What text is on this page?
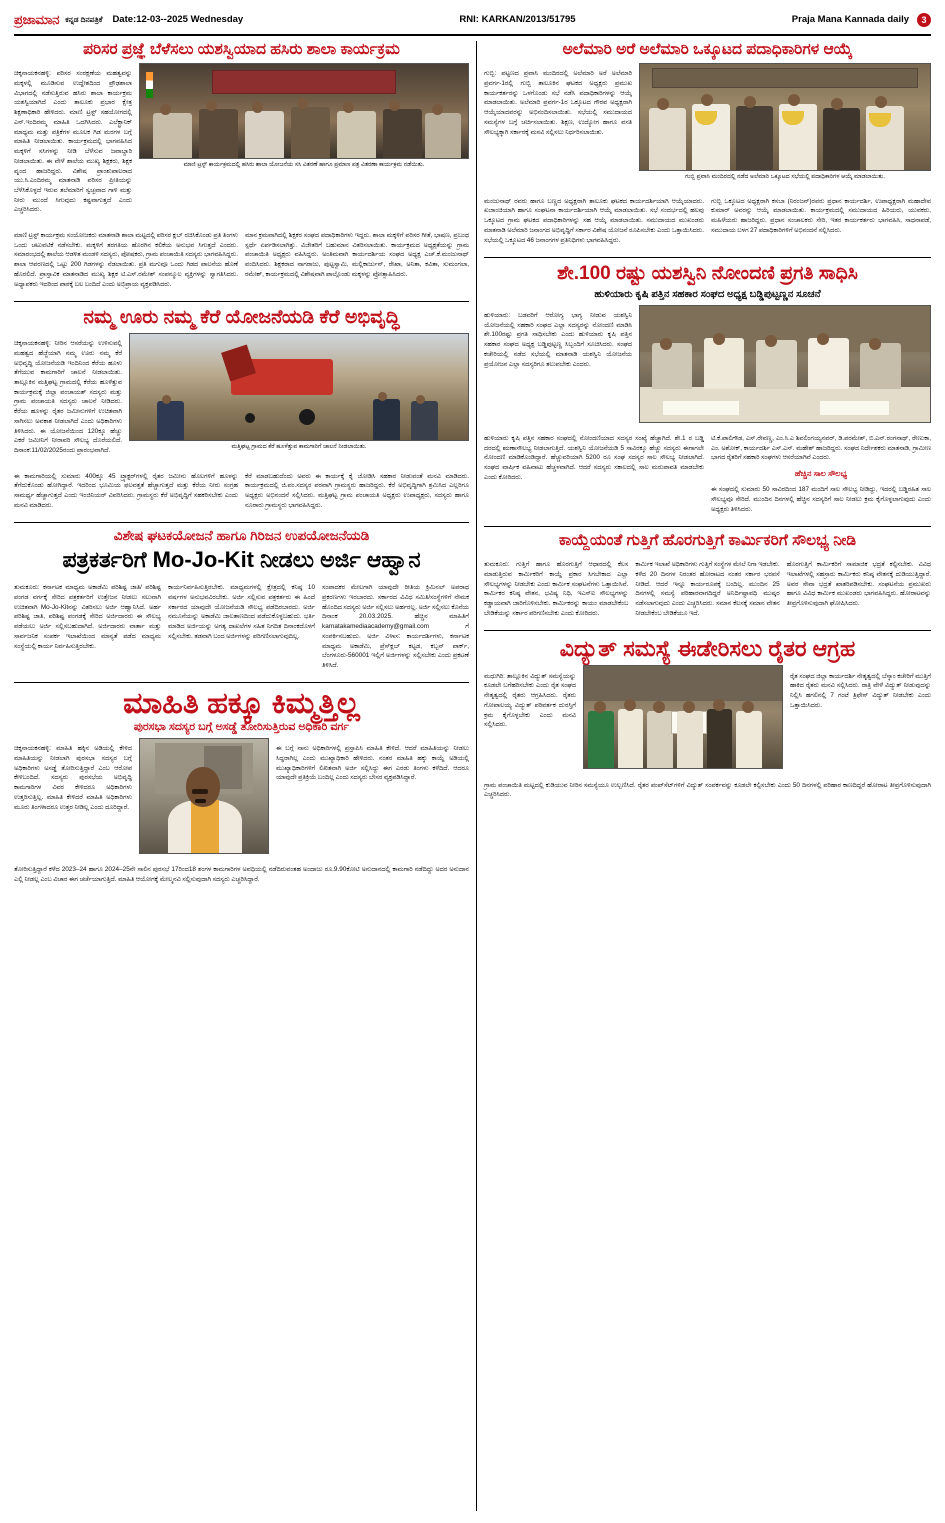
ಪ್ರಜಾಮಾನ ಕನ್ನಡ ದಿನಪತ್ರಿಕೆ Date:12-03--2025 Wednesday	RNI: KARKAN/2013/51795	Praja Mana Kannada daily	3
ಪರಿಸರ ಪ್ರಜ್ಞೆ ಬೆಳೆಸಲು ಯಶಸ್ವಿಯಾದ ಹಸಿರು ಶಾಲಾ ಕಾರ್ಯಕ್ರಮ

ಚಿಕ್ಕನಾಯಕನಹಳ್ಳಿ: ಪರಿಸರ ಸಂರಕ್ಷಣೆಯ ಮಹತ್ವವನ್ನು ಮಕ್ಕಳಲ್ಲಿ ಮೂಡಿಸುವ ಉದ್ದೇಶದಿಂದ ಪ್ರೌಢಶಾಲಾ ವಿಭಾಗದಲ್ಲಿ ನಡೆಸುತ್ತಿರುವ ಹಸಿರು ಶಾಲಾ ಕಾರ್ಯಕ್ರಮ ಯಶಸ್ವಿಯಾಗಿದೆ ಎಂದು ತಾಲೂಕು ಪ್ರಭಾರ ಕ್ಷೇತ್ರ ಶಿಕ್ಷಣಾಧಿಕಾರಿ ಹೇಳಿದರು. ಮಾಣಿ ಟ್ರಸ್ಟ್ ಸಹಯೋಗದಲ್ಲಿ ಎನ್.ಇಂದಿರಮ್ಮ ಮಾಹಿತಿ ಒದಗಿಸಿದರು. ಎಲೆಕ್ಟ್ರಾನಿಕ್ ಮಾಧ್ಯಮ ಮತ್ತು ಪತ್ರಿಕೆಗಳ ಮೂಲಕ ಗಿಡ ಮರಗಳ ಬಗ್ಗೆ ಮಾಹಿತಿ ನೀಡಲಾಯಿತು. ಕಾರ್ಯಕ್ರಮದಲ್ಲಿ ಭಾಗವಹಿಸಿದ ಮಕ್ಕಳಿಗೆ ಸಸಿಗಳನ್ನು ನೀಡಿ ಬೆಳೆಸುವ ಜವಾಬ್ದಾರಿ ನೀಡಲಾಯಿತು. ಈ ವೇಳೆ ಶಾಲೆಯ ಮುಖ್ಯ ಶಿಕ್ಷಕರು, ಶಿಕ್ಷಕ ವೃಂದ ಹಾಜರಿದ್ದರು. ವಿಶೇಷ ಪ್ರಾಂಶುಪಾಲರಾದ ಯು.ಸಿ.ಎಂದಿರಮ್ಮ ಮಾತನಾಡಿ ಪರಿಸರ ಪ್ರೀತಿಯನ್ನು ಬೆಳೆಸಿಕೊಳ್ಳದೆ ಇರುವ ತಲೆಮಾರಿಗೆ ಸ್ವಚ್ಛವಾದ ಗಾಳಿ ಮತ್ತು ನೀರು ಮುಂದೆ ಸಿಗುವುದು ಕಷ್ಟವಾಗುತ್ತದೆ ಎಂದು ಎಚ್ಚರಿಸಿದರು.

ಮಾಣಿ ಟ್ರಸ್ಟ್ ಕಾರ್ಯಕ್ರಮದಲ್ಲಿ ಹಸಿರು ಶಾಲಾ ಯೋಜನೆಯ ಸಸಿ ವಿತರಣೆ ಹಾಗೂ ಪ್ರಮಾಣ ಪತ್ರ ವಿತರಣಾ ಕಾರ್ಯಕ್ರಮ ನಡೆಯಿತು.

ಮಾಣಿ ಟ್ರಸ್ಟ್ ಕಾರ್ಯಕ್ರಮ ಸಂಯೋಜಕರು ಮಾತನಾಡಿ ಶಾಲಾ ಮಟ್ಟದಲ್ಲಿ ಪರಿಸರ ಕ್ಲಬ್ ರಚಿಸಿಕೊಂಡು ಪ್ರತಿ ತಿಂಗಳು ಒಂದು ಚಟುವಟಿಕೆ ನಡೆಸಬೇಕು. ಮಕ್ಕಳಿಗೆ ತರಗತಿಯ ಹೊರಗಿನ ಕಲಿಕೆಯ ಅನುಭವ ಸಿಗುತ್ತದೆ ಎಂದರು. ಸಮಾರಂಭದಲ್ಲಿ ಶಾಲೆಯ ಆಡಳಿತ ಮಂಡಳಿ ಸದಸ್ಯರು, ಪೋಷಕರು, ಗ್ರಾಮ ಪಂಚಾಯಿತಿ ಸದಸ್ಯರು ಭಾಗವಹಿಸಿದ್ದರು. ಶಾಲಾ ಆವರಣದಲ್ಲಿ ಒಟ್ಟು 200 ಗಿಡಗಳನ್ನು ನೆಡಲಾಯಿತು. ಪ್ರತಿ ಮಗುವೂ ಒಂದು ಗಿಡದ ಪಾಲನೆಯ ಹೊಣೆ ಹೊರಲಿದೆ. ಪ್ರಾಸ್ತಾವಿಕ ಮಾತನಾಡಿದ ಮುಖ್ಯ ಶಿಕ್ಷಕ ಟಿ.ಎಸ್.ರಮೇಶ್ ಸಂಪನ್ಮೂಲ ವ್ಯಕ್ತಿಗಳನ್ನು ಸ್ವಾಗತಿಸಿದರು. ಅಧ್ಯಾಪಕರು ಇದರಿಂದ ಪಾಠಕ್ಕೆ ಬಲ ಬಂದಿದೆ ಎಂದು ಅಭಿಪ್ರಾಯ ವ್ಯಕ್ತಪಡಿಸಿದರು.

ಮಾನ ಕ್ರಮವಾಗಿದಲ್ಲಿ ಶಿಕ್ಷಕರ ಸಂಘದ ಪದಾಧಿಕಾರಿಗಳು ಇದ್ದರು. ಶಾಲಾ ಮಕ್ಕಳಿಗೆ ಪರಿಸರ ಗೀತೆ, ಭಾಷಣ, ಪ್ರಬಂಧ ಸ್ಪರ್ಧೆ ಏರ್ಪಡಿಸಲಾಗಿತ್ತು. ವಿಜೇತರಿಗೆ ಬಹುಮಾನ ವಿತರಿಸಲಾಯಿತು. ಕಾರ್ಯಕ್ರಮದ ಅಧ್ಯಕ್ಷತೆಯನ್ನು ಗ್ರಾಮ ಪಂಚಾಯಿತಿ ಅಧ್ಯಕ್ಷರು ವಹಿಸಿದ್ದರು. ಅಂತಿಮವಾಗಿ ಕಾರ್ಯದರ್ಶಿಯ ಸಂಘದ ಅಧ್ಯಕ್ಷ ಎಚ್.ಕೆ.ಮಂಜುನಾಥ್ ವಂದಿಸಿದರು. ಶಿಕ್ಷಕರಾದ ನಾಗರಾಜು, ಪುಟ್ಟಸ್ವಾಮಿ, ಮಲ್ಲಿಕಾರ್ಜುನ್, ರೇಖಾ, ಅನಿತಾ, ಕವಿತಾ, ಸುಮಂಗಲಾ, ರಮೇಶ್, ಕಾರ್ಯಕ್ರಮದಲ್ಲಿ ವಿಶೇಷವಾಗಿ ಪಾಲ್ಗೊಂಡು ಮಕ್ಕಳನ್ನು ಪ್ರೋತ್ಸಾಹಿಸಿದರು.

ನಮ್ಮ ಊರು ನಮ್ಮ ಕೆರೆ ಯೋಜನೆಯಡಿ ಕೆರೆ ಅಭಿವೃದ್ಧಿ

ಚಿಕ್ಕನಾಯಕನಹಳ್ಳಿ: ನೀರಿನ ಆಸರೆಯನ್ನು ಉಳಿಸುವಲ್ಲಿ ಮಹತ್ವದ ಹೆಜ್ಜೆಯಾಗಿ ನಮ್ಮ ಊರು ನಮ್ಮ ಕೆರೆ ಅಭಿವೃದ್ಧಿ ಯೋಜನೆಯಡಿ ಇಂದಿನಿಂದ ಕೆರೆಯ ಹೂಳು ತೆಗೆಯುವ ಕಾಮಗಾರಿಗೆ ಚಾಲನೆ ನೀಡಲಾಯಿತು. ತಾಲ್ಲೂಕಿನ ಮತ್ತಿಘಟ್ಟ ಗ್ರಾಮದಲ್ಲಿ ಕೆರೆಯ ಹೂಳೆತ್ತುವ ಕಾರ್ಯಕ್ರಮಕ್ಕೆ ಜಿಲ್ಲಾ ಪಂಚಾಯತ್ ಸದಸ್ಯರು ಮತ್ತು ಗ್ರಾಮ ಪಂಚಾಯತಿ ಸದಸ್ಯರು ಚಾಲನೆ ನೀಡಿದರು. ಕೆರೆಯ ಹೂಳನ್ನು ರೈತರ ಜಮೀನುಗಳಿಗೆ ಉಚಿತವಾಗಿ ಸಾಗಿಸಲು ಅವಕಾಶ ನೀಡಲಾಗಿದೆ ಎಂದು ಅಧಿಕಾರಿಗಳು ತಿಳಿಸಿದರು. ಈ ಯೋಜನೆಯಿಂದ 120ಕ್ಕೂ ಹೆಚ್ಚು ಎಕರೆ ಜಮೀನಿಗೆ ನೀರಾವರಿ ಸೌಲಭ್ಯ ದೊರೆಯಲಿದೆ. ದಿನಾಂಕ:11/02/2025ರಂದು ಪ್ರಾರಂಭವಾಗಿದೆ.

ಮತ್ತಿಘಟ್ಟ ಗ್ರಾಮದ ಕೆರೆ ಹೂಳೆತ್ತುವ ಕಾಮಗಾರಿಗೆ ಚಾಲನೆ ನೀಡಲಾಯಿತು.

ಈ ಕಾಮಗಾರಿಯಲ್ಲಿ ಸುಮಾರು 400ಕ್ಕೂ 45 ಟ್ರ್ಯಾಕ್ಟರ್‌ಗಳಲ್ಲಿ ರೈತರ ಜಮೀನು ಹೊಲಗಳಿಗೆ ಹೂಳನ್ನು ತೆಗೆದುಕೊಂಡು ಹೋಗಿದ್ದಾರೆ. ಇದರಿಂದ ಭೂಮಿಯ ಫಲವತ್ತತೆ ಹೆಚ್ಚಾಗುತ್ತದೆ ಮತ್ತು ಕೆರೆಯ ನೀರು ಸಂಗ್ರಹ ಸಾಮರ್ಥ್ಯ ಹೆಚ್ಚಾಗುತ್ತದೆ ಎಂದು ಇಂಜಿನಿಯರ್ ವಿವರಿಸಿದರು. ಗ್ರಾಮಸ್ಥರು ಕೆರೆ ಅಭಿವೃದ್ಧಿಗೆ ಸಹಕರಿಸಬೇಕು ಎಂದು ಮನವಿ ಮಾಡಿದರು.

ಕೆರೆ ಮಾಡಬಹುದೆಂದು ಅವರು ಈ ಕಾರ್ಯಕ್ಕೆ ಕೈ ಜೋಡಿಸಿ ಸಹಕಾರ ನೀಡುವಂತೆ ಮನವಿ ಮಾಡಿದರು. ಕಾರ್ಯಕ್ರಮದಲ್ಲಿ ಜಿ.ಪಂ.ಸದಸ್ಯರ ಪರವಾಗಿ ಗ್ರಾಮಸ್ಥರು ಹಾಜರಿದ್ದರು. ಕೆರೆ ಅಭಿವೃದ್ಧಿಗಾಗಿ ಶ್ರಮಿಸಿದ ಎಲ್ಲರಿಗೂ ಅಧ್ಯಕ್ಷರು ಅಭಿನಂದನೆ ಸಲ್ಲಿಸಿದರು. ಮತ್ತಿಘಟ್ಟ ಗ್ರಾಮ ಪಂಚಾಯತಿ ಅಧ್ಯಕ್ಷರು ಉಪಾಧ್ಯಕ್ಷರು, ಸದಸ್ಯರು ಹಾಗೂ ನೂರಾರು ಗ್ರಾಮಸ್ಥರು ಭಾಗವಹಿಸಿದ್ದರು.

ವಿಶೇಷ ಘಟಕಯೋಜನೆ ಹಾಗೂ ಗಿರಿಜನ ಉಪಯೋಜನೆಯಡಿ
ಪತ್ರಕರ್ತರಿಗೆ Mo-Jo-Kit ನೀಡಲು ಅರ್ಜಿ ಆಹ್ವಾನ

ತುಮಕೂರು: ಕರ್ನಾಟಕ ಮಾಧ್ಯಮ ಅಕಾಡೆಮಿ ಪರಿಶಿಷ್ಟ ಜಾತಿ/ ಪರಿಶಿಷ್ಟ ಪಂಗಡ ವರ್ಗಕ್ಕೆ ಸೇರಿದ ಪತ್ರಕರ್ತರಿಗೆ ಉತ್ತೇಜನ ನೀಡಲು ಸಲುವಾಗಿ ಉಚಿತವಾಗಿ Mo-Jo-Kitನನ್ನು ವಿತರಿಸಲು ಅರ್ಜಿ ಆಹ್ವಾನಿಸಿದೆ. ಅರ್ಹ ಪರಿಶಿಷ್ಟ ಜಾತಿ, ಪರಿಶಿಷ್ಟ ಪಂಗಡಕ್ಕೆ ಸೇರಿದ ಅರ್ಜಿದಾರರು ಈ ಸೌಲಭ್ಯ ಪಡೆಯಲು ಅರ್ಜಿ ಸಲ್ಲಿಸಬಹುದಾಗಿದೆ. ಅರ್ಜಿದಾರರು ವಾರ್ತಾ ಮತ್ತು ಸಾರ್ವಜನಿಕ ಸಂಪರ್ಕ ಇಲಾಖೆಯಿಂದ ಮಾನ್ಯತೆ ಪಡೆದ ಮಾಧ್ಯಮ ಸಂಸ್ಥೆಯಲ್ಲಿ ಕಾರ್ಯ ನಿರ್ವಹಿಸುತ್ತಿರಬೇಕು.

ಕಾರ್ಯನಿರ್ವಹಿಸುತ್ತಿರಬೇಕು. ಮಾಧ್ಯಮಗಳಲ್ಲಿ ಕ್ಷೇತ್ರದಲ್ಲಿ ಕನಿಷ್ಠ 10 ವರ್ಷಗಳ ಅನುಭವವಿರಬೇಕು. ಅರ್ಜಿ ಸಲ್ಲಿಸುವ ಪತ್ರಕರ್ತರು ಈ ಹಿಂದೆ ಸರ್ಕಾರದ ಯಾವುದೇ ಯೋಜನೆಯಡಿ ಸೌಲಭ್ಯ ಪಡೆದಿರಬಾರದು. ಅರ್ಜಿ ನಮೂನೆಯನ್ನು ಅಕಾಡೆಮಿ ಜಾಲತಾಣದಿಂದ ಪಡೆದುಕೊಳ್ಳಬಹುದು. ಭರ್ತಿ ಮಾಡಿದ ಅರ್ಜಿಯನ್ನು ಅಗತ್ಯ ದಾಖಲೆಗಳ ಸಹಿತ ನಿಗದಿತ ದಿನಾಂಕದೊಳಗೆ ಸಲ್ಲಿಸಬೇಕು. ತಡವಾಗಿ ಬಂದ ಅರ್ಜಿಗಳನ್ನು ಪರಿಗಣಿಸಲಾಗುವುದಿಲ್ಲ.

ಸಂಪಾದಕರ ಮೇಲಗಾಗಿ ಯಾವುದೇ ರೀತಿಯ ಕ್ರಿಮಿನಲ್ ಅಪರಾಧ ಪ್ರಕರಣಗಳು ಇರಬಾರದು. ಸರ್ಕಾರದ ವಿವಿಧ ಸಮಿತಿ/ಸಂಸ್ಥೆಗಳಿಗೆ ನೇಮಕ ಹೊಂದಿದ ಸದಸ್ಯರು ಅರ್ಜಿ ಸಲ್ಲಿಸಲು ಅರ್ಹರಲ್ಲ. ಅರ್ಜಿ ಸಲ್ಲಿಸಲು ಕೊನೆಯ ದಿನಾಂಕ 20.03.2025. ಹೆಚ್ಚಿನ ಮಾಹಿತಿಗೆ karnatakamediaacademy@gmail.com ಗೆ ಸಂಪರ್ಕಿಸಬಹುದು. ಅರ್ಜಿ ವಿಳಾಸ: ಕಾರ್ಯದರ್ಶಿಗಳು, ಕರ್ನಾಟಕ ಮಾಧ್ಯಮ ಅಕಾಡೆಮಿ, ಪ್ರೆಸ್‌ಕ್ಲಬ್ ಕಟ್ಟಡ, ಕಬ್ಬನ್ ಪಾರ್ಕ್, ಬೆಂಗಳೂರು-560001 ಇಲ್ಲಿಗೆ ಅರ್ಜಿಗಳನ್ನು ಸಲ್ಲಿಸಬೇಕು ಎಂದು ಪ್ರಕಟಣೆ ತಿಳಿಸಿದೆ.

ಮಾಹಿತಿ ಹಕ್ಕೂ ಕಿಮ್ಮತ್ತಿಲ್ಲ
ಪುರಸಭಾ ಸದಸ್ಯರ ಬಗ್ಗೆ ಅಸಡ್ಡೆ ತೋರಿಸುತ್ತಿರುವ ಅಧಿಕಾರಿ ವರ್ಗ

ಚಿಕ್ಕನಾಯಕನಹಳ್ಳಿ: ಮಾಹಿತಿ ಹಕ್ಕಿನ ಅಡಿಯಲ್ಲಿ ಕೇಳಿದ ಮಾಹಿತಿಯನ್ನು ನೀಡಲಾಗಿ ಪುರಸಭಾ ಸದಸ್ಯರ ಬಗ್ಗೆ ಅಧಿಕಾರಿಗಳು ಅಸಡ್ಡೆ ತೋರಿಸುತ್ತಿದ್ದಾರೆ ಎಂಬ ಆರೋಪ ಕೇಳಿಬಂದಿದೆ. ಸದಸ್ಯರು ಪುರಸಭೆಯ ಅಭಿವೃದ್ಧಿ ಕಾಮಗಾರಿಗಳ ವಿವರ ಕೇಳಿದರೂ ಅಧಿಕಾರಿಗಳು ಉತ್ತರಿಸುತ್ತಿಲ್ಲ. ಮಾಹಿತಿ ಕೇಳಿದರೆ ಮಾಹಿತಿ ಅಧಿಕಾರಿಗಳು ಮೂರು ತಿಂಗಳಾದರೂ ಉತ್ತರ ನೀಡಿಲ್ಲ ಎಂದು ದೂರಿದ್ದಾರೆ.

ಈ ಬಗ್ಗೆ ನಾನು ಅಧಿಕಾರಿಗಳಲ್ಲಿ ಪ್ರಸ್ತಾಪಿಸಿ ಮಾಹಿತಿ ಕೇಳಿದೆ. ಆದರೆ ಮಾಹಿತಿಯನ್ನು ನೀಡಲು ಸಿದ್ಧರಾಗಿಲ್ಲ ಎಂದು ಮುಖ್ಯಾಧಿಕಾರಿ ಹೇಳಿದರು. ನಂತರ ಮಾಹಿತಿ ಹಕ್ಕು ಕಾಯ್ದೆ ಅಡಿಯಲ್ಲಿ ಮುಖ್ಯಾಧಿಕಾರಿಗಳಿಗೆ ಲಿಖಿತವಾಗಿ ಅರ್ಜಿ ಸಲ್ಲಿಸಿದ್ದು ಈಗ ಎರಡು ತಿಂಗಳು ಕಳೆದಿದೆ. ಆದರೂ ಯಾವುದೇ ಪ್ರತಿಕ್ರಿಯೆ ಬಂದಿಲ್ಲ ಎಂದು ಸದಸ್ಯರು ಬೇಸರ ವ್ಯಕ್ತಪಡಿಸಿದ್ದಾರೆ.

ತೋರಿಸುತ್ತಿದ್ದಾರೆ ಕಳೆದ 2023–24 ಹಾಗೂ 2024–25ನೇ ಸಾಲಿನ ಪುರಸಭೆ 17ರಿಂದ18 ಶಂಗಳ ಕಾಮಗಾರಿಗಳ ಅವಧಿಯಲ್ಲಿ ನಡೆದಿರುವಂತಹ ಅಂದಾಜು ರೂ.9.90ಕೋಟಿ ಅನುದಾನದಲ್ಲಿ ಕಾಮಗಾರಿ ನಡೆದಿದ್ದು ಅದರ ಅನುದಾನ ಎಲ್ಲಿ ನೀಡಲ್ಲ ಎಂಬ ವಿಚಾರ ಈಗ ಚರ್ಚೆಯಾಗುತ್ತಿದೆ. ಮಾಹಿತಿ ಆಯೋಗಕ್ಕೆ ಮೇಲ್ಮನವಿ ಸಲ್ಲಿಸುವುದಾಗಿ ಸದಸ್ಯರು ಎಚ್ಚರಿಸಿದ್ದಾರೆ.

ಅಲೆಮಾರಿ ಅರೆ ಅಲೆಮಾರಿ ಒಕ್ಕೂಟದ ಪದಾಧಿಕಾರಿಗಳ ಆಯ್ಕೆ

ಗುಬ್ಬಿ: ಪಟ್ಟಣದ ಪ್ರವಾಸಿ ಮಂದಿರದಲ್ಲಿ ಅಲೆಮಾರಿ ಅರೆ ಅಲೆಮಾರಿ ಪ್ರವರ್ಗ-1ರಲ್ಲಿ ಗುಬ್ಬಿ ತಾಲೂಕಿನ ಘಟಕದ ಅಧ್ಯಕ್ಷರು ಪ್ರಮುಖ ಕಾರ್ಯಕರ್ತರನ್ನು ಒಳಗೊಂಡು ಸಭೆ ನಡೆಸಿ ಪದಾಧಿಕಾರಿಗಳನ್ನು ಆಯ್ಕೆ ಮಾಡಲಾಯಿತು. ಅಲೆಮಾರಿ ಪ್ರವರ್ಗ-1ರ ಒಕ್ಕೂಟದ ಗೌರವ ಅಧ್ಯಕ್ಷರಾಗಿ ಆಯ್ಕೆಯಾದವರನ್ನು ಅಭಿನಂದಿಸಲಾಯಿತು. ಸಭೆಯಲ್ಲಿ ಸಮುದಾಯದ ಸಮಸ್ಯೆಗಳ ಬಗ್ಗೆ ಚರ್ಚಿಸಲಾಯಿತು. ಶಿಕ್ಷಣ, ಉದ್ಯೋಗ ಹಾಗೂ ವಸತಿ ಸೌಲಭ್ಯಕ್ಕಾಗಿ ಸರ್ಕಾರಕ್ಕೆ ಮನವಿ ಸಲ್ಲಿಸಲು ನಿರ್ಧರಿಸಲಾಯಿತು.

ಗುಬ್ಬಿ ಪ್ರವಾಸಿ ಮಂದಿರದಲ್ಲಿ ನಡೆದ ಅಲೆಮಾರಿ ಒಕ್ಕೂಟದ ಸಭೆಯಲ್ಲಿ ಪದಾಧಿಕಾರಿಗಳ ಆಯ್ಕೆ ಮಾಡಲಾಯಿತು.

ಮಂಜುನಾಥ್ ರವರು ಹಾಗೂ ಬಣ್ಣದ ಅಧ್ಯಕ್ಷರಾಗಿ ತಾಲೂಕು ಘಟಕದ ಕಾರ್ಯದರ್ಶಿಯಾಗಿ ಆಯ್ಕೆಯಾದರು. ಖಜಾಂಚಿಯಾಗಿ ಹಾಗೂ ಸಂಘಟನಾ ಕಾರ್ಯದರ್ಶಿಯಾಗಿ ಆಯ್ಕೆ ಮಾಡಲಾಯಿತು. ಸಭೆ ಸಂದರ್ಭದಲ್ಲಿ ಹಲವು ಒಕ್ಕೂಟದ ಗ್ರಾಮ ಘಟಕದ ಪದಾಧಿಕಾರಿಗಳನ್ನು ಸಹ ಆಯ್ಕೆ ಮಾಡಲಾಯಿತು. ಸಮುದಾಯದ ಮುಖಂಡರು ಮಾತನಾಡಿ ಅಲೆಮಾರಿ ಜನಾಂಗದ ಅಭಿವೃದ್ಧಿಗೆ ಸರ್ಕಾರ ವಿಶೇಷ ಯೋಜನೆ ರೂಪಿಸಬೇಕು ಎಂದು ಒತ್ತಾಯಿಸಿದರು. ಸಭೆಯಲ್ಲಿ ಒಕ್ಕೂಟದ 46 ಜನಾಂಗಗಳ ಪ್ರತಿನಿಧಿಗಳು ಭಾಗವಹಿಸಿದ್ದರು.

ಗುಬ್ಬಿ ಒಕ್ಕೂಟದ ಅಧ್ಯಕ್ಷರಾಗಿ ಕಸಬಾ (ನಿರಂಜನ್)ರವರು ಪ್ರಧಾನ ಕಾರ್ಯದರ್ಶಿ, ಉಪಾಧ್ಯಕ್ಷರಾಗಿ ಮಹಾದೇವ ಕುಮಾರ್ ಅವರನ್ನು ಆಯ್ಕೆ ಮಾಡಲಾಯಿತು. ಕಾರ್ಯಕ್ರಮದಲ್ಲಿ ಸಮುದಾಯದ ಹಿರಿಯರು, ಯುವಕರು, ಮಹಿಳೆಯರು ಹಾಜರಿದ್ದರು. ಪ್ರಧಾನ ಸಂಚಾಲಕರು ಸೇರಿ, ಇತರ ಕಾರ್ಯಕರ್ತರು ಭಾಗವಹಿಸಿ, ಸಾಧನಾಪಡೆ, ಸಮುದಾಯ ಬಳಗ 27 ಪದಾಧಿಕಾರಿಗಳಿಗೆ ಅಭಿನಂದನೆ ಸಲ್ಲಿಸಿದರು.

ಶೇ.100 ರಷ್ಟು ಯಶಸ್ವಿನಿ ನೋಂದಣಿ ಪ್ರಗತಿ ಸಾಧಿಸಿ
ಹುಳಿಯಾರು ಕೃಷಿ ಪತ್ತಿನ ಸಹಕಾರ ಸಂಘದ ಅಧ್ಯಕ್ಷ ಬಡ್ಡಿಪುಟ್ಟಣ್ಣನ ಸೂಚನೆ

ಹುಳಿಯಾರು: ಬಡವರಿಗೆ ಆರೋಗ್ಯ ಭಾಗ್ಯ ನೀಡುವ ಯಶಸ್ವಿನಿ ಯೋಜನೆಯಲ್ಲಿ ಸಹಕಾರಿ ಸಂಘದ ಎಲ್ಲಾ ಸದಸ್ಯರನ್ನು ನೋಂದಣಿ ಮಾಡಿಸಿ ಶೇ.100ರಷ್ಟು ಪ್ರಗತಿ ಸಾಧಿಸಬೇಕು ಎಂದು ಹುಳಿಯಾರು ಕೃಷಿ ಪತ್ತಿನ ಸಹಕಾರ ಸಂಘದ ಅಧ್ಯಕ್ಷ ಬಡ್ಡಿಪುಟ್ಟಣ್ಣ ಸಿಬ್ಬಂದಿಗೆ ಸೂಚಿಸಿದರು. ಸಂಘದ ಕಚೇರಿಯಲ್ಲಿ ನಡೆದ ಸಭೆಯಲ್ಲಿ ಮಾತನಾಡಿ ಯಶಸ್ವಿನಿ ಯೋಜನೆಯ ಪ್ರಯೋಜನ ಎಲ್ಲಾ ಸದಸ್ಯರಿಗೂ ತಲುಪಬೇಕು ಎಂದರು.

ಹುಳಿಯಾರು ಕೃಷಿ ಪತ್ತಿನ ಸಹಕಾರ ಸಂಘದಲ್ಲಿ ನೋಂದಣಿಯಾದ ಸದಸ್ಯರ ಸಂಖ್ಯೆ ಹೆಚ್ಚಾಗಿದೆ. ಶೇ.1 ರ ಬಡ್ಡಿ ದರದಲ್ಲಿ ಋಣಾಸೌಲಭ್ಯ ನೀಡಲಾಗುತ್ತಿದೆ. ಯಶಸ್ವಿನಿ ಯೋಜನೆಯಡಿ 5 ಸಾವಿರಕ್ಕೂ ಹೆಚ್ಚು ಸದಸ್ಯರು ಈಗಾಗಲೇ ನೋಂದಣಿ ಮಾಡಿಕೊಂಡಿದ್ದಾರೆ. ಹೆಚ್ಚುವರಿಯಾಗಿ 5200 ರೂ ಸಂಘ ಸದಸ್ಯರ ಸಾಲ ಸೌಲಭ್ಯ ನೀಡಲಾಗಿದೆ. ಸಂಘದ ವಾರ್ಷಿಕ ವಹಿವಾಟು ಹೆಚ್ಚಳವಾಗಿದೆ. ಆದರೆ ಸದಸ್ಯರು ಸಕಾಲದಲ್ಲಿ ಸಾಲ ಮರುಪಾವತಿ ಮಾಡಬೇಕು ಎಂದು ಕೋರಿದರು.

ಟಿ.ಕೆ.ಪಾಲಿಗೌಡ, ಎಸ್.ರೇವಣ್ಣ, ಎಂ.ಸಿ.ಎ ಶಿವಲಿಂಗಯ್ಯನವರ್, ಡಿ.ಪರಮೇಶ್, ಬಿ.ಎನ್.ರಂಗನಾಥ್, ರೇಣುಕಾ, ಎಂ. ಅಶೋಕ್, ಕಾರ್ಯದರ್ಶಿ ಎಸ್.ಎಸ್. ಮಹೇಶ್ ಹಾಜರಿದ್ದರು. ಸಂಘದ ನಿರ್ದೇಶಕರು ಮಾತನಾಡಿ, ಗ್ರಾಮೀಣ ಭಾಗದ ರೈತರಿಗೆ ಸಹಕಾರಿ ಸಂಘಗಳು ಆಸರೆಯಾಗಿವೆ ಎಂದರು.

ಹೆಚ್ಚಿನ ಸಾಲ ಸೌಲಭ್ಯ

ಈ ಸಂಘದಲ್ಲಿ ಸುಮಾರು 50 ಸಾವಿರದಿಂದ 187 ಮಂದಿಗೆ ಸಾಲ ಸೌಲಭ್ಯ ನೀಡಿದ್ದು, ಇದರಲ್ಲಿ ಬಡ್ಡಿರಹಿತ ಸಾಲ ಸೌಲಭ್ಯವೂ ಸೇರಿದೆ. ಮುಂದಿನ ದಿನಗಳಲ್ಲಿ ಹೆಚ್ಚಿನ ಸದಸ್ಯರಿಗೆ ಸಾಲ ನೀಡಲು ಕ್ರಮ ಕೈಗೊಳ್ಳಲಾಗುವುದು ಎಂದು ಅಧ್ಯಕ್ಷರು ತಿಳಿಸಿದರು.

ಕಾಯ್ದೆಯಂತೆ ಗುತ್ತಿಗೆ ಹೊರಗುತ್ತಿಗೆ ಕಾರ್ಮಿಕರಿಗೆ ಸೌಲಭ್ಯ ನೀಡಿ

ತುಮಕೂರು: ಗುತ್ತಿಗೆ ಹಾಗೂ ಹೊರಗುತ್ತಿಗೆ ಆಧಾರದಲ್ಲಿ ಕೆಲಸ ಮಾಡುತ್ತಿರುವ ಕಾರ್ಮಿಕರಿಗೆ ಕಾಯ್ದೆ ಪ್ರಕಾರ ಸಿಗಬೇಕಾದ ಎಲ್ಲಾ ಸೌಲಭ್ಯಗಳನ್ನು ನೀಡಬೇಕು ಎಂದು ಕಾರ್ಮಿಕ ಸಂಘಟನೆಗಳು ಒತ್ತಾಯಿಸಿವೆ. ಕಾರ್ಮಿಕರ ಕನಿಷ್ಠ ವೇತನ, ಭವಿಷ್ಯ ನಿಧಿ, ಇಎಸ್ಐ ಸೌಲಭ್ಯಗಳನ್ನು ಕಡ್ಡಾಯವಾಗಿ ಜಾರಿಗೊಳಿಸಬೇಕು. ಕಾರ್ಮಿಕರನ್ನು ಕಾಯಂ ಮಾಡಬೇಕೆಂಬ ಬೇಡಿಕೆಯನ್ನು ಸರ್ಕಾರ ಪರಿಗಣಿಸಬೇಕು ಎಂದು ಕೋರಿದರು.

ಕಾರ್ಮಿಕ ಇಲಾಖೆ ಅಧಿಕಾರಿಗಳು ಗುತ್ತಿಗೆ ಸಂಸ್ಥೆಗಳ ಮೇಲೆ ನಿಗಾ ಇಡಬೇಕು. ಕಳೆದ 20 ದಿನಗಳ ನಿರಂತರ ಹೋರಾಟದ ನಂತರ ಸರ್ಕಾರ ಭರವಸೆ ನೀಡಿದೆ. ಆದರೆ ಇನ್ನೂ ಕಾರ್ಯರೂಪಕ್ಕೆ ಬಂದಿಲ್ಲ. ಮುಂದಿನ 25 ದಿನಗಳಲ್ಲಿ ಸಮಸ್ಯೆ ಪರಿಹಾರವಾಗದಿದ್ದರೆ ಅನಿರ್ದಿಷ್ಟಾವಧಿ ಮುಷ್ಕರ ನಡೆಸಲಾಗುವುದು ಎಂದು ಎಚ್ಚರಿಸಿದರು. ಸಮಾನ ಕೆಲಸಕ್ಕೆ ಸಮಾನ ವೇತನ ನೀಡಬೇಕೆಂಬ ಬೇಡಿಕೆಯೂ ಇದೆ.

ಹೊರಗುತ್ತಿಗೆ ಕಾರ್ಮಿಕರಿಗೆ ಸಾಮಾಜಿಕ ಭದ್ರತೆ ಕಲ್ಪಿಸಬೇಕು. ವಿವಿಧ ಇಲಾಖೆಗಳಲ್ಲಿ ಸಹಸ್ರಾರು ಕಾರ್ಮಿಕರು ಕನಿಷ್ಠ ವೇತನಕ್ಕೆ ದುಡಿಯುತ್ತಿದ್ದಾರೆ. ಅವರ ಸೇವಾ ಭದ್ರತೆ ಖಾತರಿಪಡಿಸಬೇಕು. ಸಂಘಟನೆಯ ಪ್ರಮುಖರು ಹಾಗೂ ವಿವಿಧ ಕಾರ್ಮಿಕ ಮುಖಂಡರು ಭಾಗವಹಿಸಿದ್ದರು. ಹೋರಾಟವನ್ನು ತೀವ್ರಗೊಳಿಸುವುದಾಗಿ ಘೋಷಿಸಿದರು.

ವಿದ್ಯುತ್ ಸಮಸ್ಯೆ ಈಡೇರಿಸಲು ರೈತರ ಆಗ್ರಹ

ಮಧುಗಿರಿ: ತಾಲ್ಲೂಕಿನ ವಿದ್ಯುತ್ ಸಮಸ್ಯೆಯನ್ನು ಕೂಡಲೇ ಬಗೆಹರಿಸಬೇಕು ಎಂದು ರೈತ ಸಂಘದ ನೇತೃತ್ವದಲ್ಲಿ ರೈತರು ಆಗ್ರಹಿಸಿದರು. ರೈತರು ಗೋಪಾಲಯ್ಯ ವಿದ್ಯುತ್ ಪರಿವರ್ತಕ ದುರಸ್ತಿಗೆ ಕ್ರಮ ಕೈಗೊಳ್ಳಬೇಕು ಎಂದು ಮನವಿ ಸಲ್ಲಿಸಿದರು.

ರೈತ ಸಂಘದ ಜಿಲ್ಲಾ ಕಾರ್ಯದರ್ಶಿ ನೇತೃತ್ವದಲ್ಲಿ ಬೆಸ್ಕಾಂ ಕಚೇರಿಗೆ ಮುತ್ತಿಗೆ ಹಾಕಿದ ರೈತರು ಮನವಿ ಸಲ್ಲಿಸಿದರು. ರಾತ್ರಿ ವೇಳೆ ವಿದ್ಯುತ್ ನೀಡುವುದನ್ನು ನಿಲ್ಲಿಸಿ ಹಗಲಿನಲ್ಲಿ 7 ಗಂಟೆ ತ್ರಿಫೇಸ್ ವಿದ್ಯುತ್ ನೀಡಬೇಕು ಎಂದು ಒತ್ತಾಯಿಸಿದರು.

ಗ್ರಾಮ ಪಂಚಾಯಿತಿ ಮಟ್ಟದಲ್ಲಿ ಕುಡಿಯುವ ನೀರಿನ ಸಮಸ್ಯೆಯೂ ಉಲ್ಬಣಿಸಿದೆ. ರೈತರ ಪಂಪ್‌ಸೆಟ್‌ಗಳಿಗೆ ವಿದ್ಯುತ್ ಸಂಪರ್ಕವನ್ನು ಕೂಡಲೇ ಕಲ್ಪಿಸಬೇಕು ಎಂದು 50 ದಿನಗಳಲ್ಲಿ ಪರಿಹಾರ ಕಾಣದಿದ್ದರೆ ಹೋರಾಟ ತೀವ್ರಗೊಳಿಸುವುದಾಗಿ ಎಚ್ಚರಿಸಿದರು.
